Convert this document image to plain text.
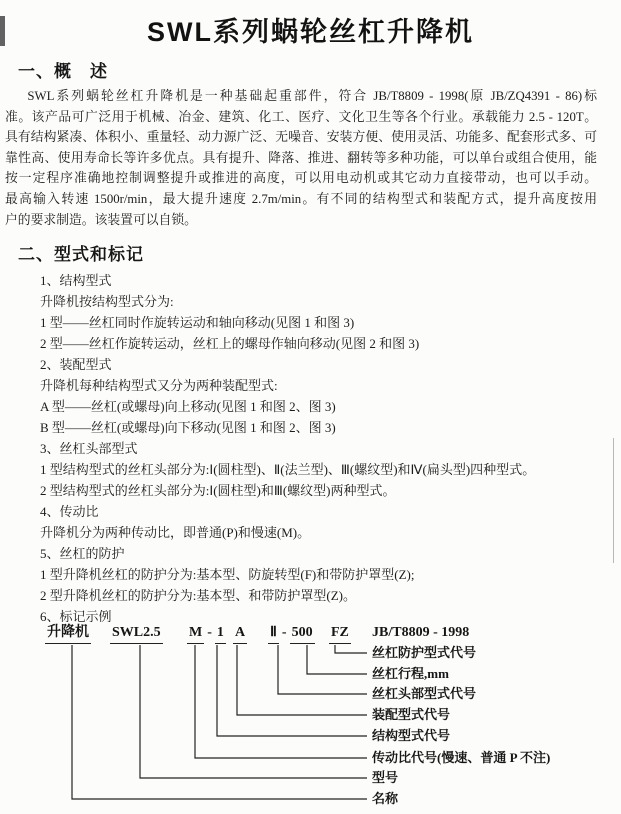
SWL系列蜗轮丝杠升降机
一、概　述
SWL系列蜗轮丝杠升降机是一种基础起重部件，符合 JB/T8809 - 1998(原 JB/ZQ4391 - 86)标
准。该产品可广泛用于机械、冶金、建筑、化工、医疗、文化卫生等各个行业。承载能力 2.5 - 120T。
具有结构紧凑、体积小、重量轻、动力源广泛、无噪音、安装方便、使用灵活、功能多、配套形式多、可
靠性高、使用寿命长等许多优点。具有提升、降落、推进、翻转等多种功能，可以单台或组合使用，能
按一定程序准确地控制调整提升或推进的高度，可以用电动机或其它动力直接带动，也可以手动。
最高输入转速 1500r/min，最大提升速度 2.7m/min。有不同的结构型式和装配方式，提升高度按用
户的要求制造。该装置可以自锁。
二、型式和标记
1、结构型式
升降机按结构型式分为:
1 型——丝杠同时作旋转运动和轴向移动(见图 1 和图 3)
2 型——丝杠作旋转运动，丝杠上的螺母作轴向移动(见图 2 和图 3)
2、装配型式
升降机每种结构型式又分为两种装配型式:
A 型——丝杠(或螺母)向上移动(见图 1 和图 2、图 3)
B 型——丝杠(或螺母)向下移动(见图 1 和图 2、图 3)
3、丝杠头部型式
1 型结构型式的丝杠头部分为:Ⅰ(圆柱型)、Ⅱ(法兰型)、Ⅲ(螺纹型)和Ⅳ(扁头型)四种型式。
2 型结构型式的丝杠头部分为:Ⅰ(圆柱型)和Ⅲ(螺纹型)两种型式。
4、传动比
升降机分为两种传动比，即普通(P)和慢速(M)。
5、丝杠的防护
1 型升降机丝杠的防护分为:基本型、防旋转型(F)和带防护罩型(Z);
2 型升降机丝杠的防护分为:基本型、和带防护罩型(Z)。
6、标记示例
升降机 SWL2.5 M - 1 A Ⅱ - 500 FZ JB/T8809 - 1998
丝杠防护型式代号
丝杠行程,mm
丝杠头部型式代号
装配型式代号
结构型式代号
传动比代号(慢速、普通 P 不注)
型号
名称
